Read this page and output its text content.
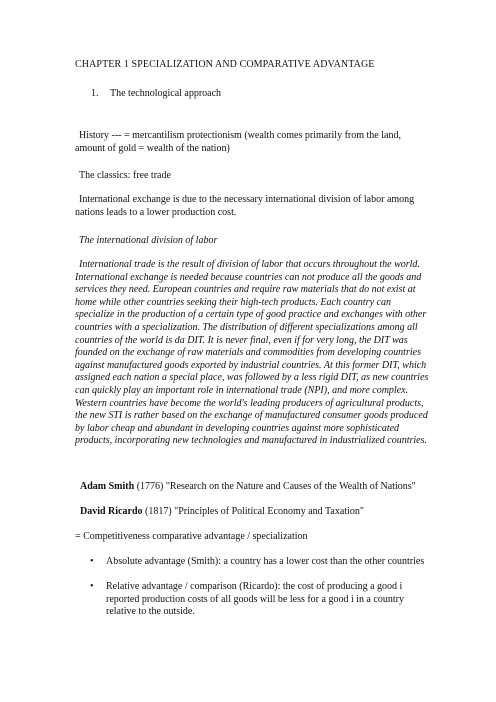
CHAPTER 1 SPECIALIZATION AND COMPARATIVE ADVANTAGE
1. The technological approach
History --- = mercantilism protectionism (wealth comes primarily from the land, amount of gold = wealth of the nation)
The classics: free trade
International exchange is due to the necessary international division of labor among nations leads to a lower production cost.
The international division of labor
International trade is the result of division of labor that occurs throughout the world. International exchange is needed because countries can not produce all the goods and services they need. European countries and require raw materials that do not exist at home while other countries seeking their high-tech products. Each country can specialize in the production of a certain type of good practice and exchanges with other countries with a specialization. The distribution of different specializations among all countries of the world is da DIT. It is never final, even if for very long, the DIT was founded on the exchange of raw materials and commodities from developing countries against manufactured goods exported by industrial countries. At this former DIT, which assigned each nation a special place, was followed by a less rigid DIT, as new countries can quickly play an important role in international trade (NPI), and more complex. Western countries have become the world's leading producers of agricultural products, the new STI is rather based on the exchange of manufactured consumer goods produced by labor cheap and abundant in developing countries against more sophisticated products, incorporating new technologies and manufactured in industrialized countries.
Adam Smith (1776) "Research on the Nature and Causes of the Wealth of Nations"
David Ricardo (1817) "Principles of Political Economy and Taxation"
= Competitiveness comparative advantage / specialization
• Absolute advantage (Smith): a country has a lower cost than the other countries
• Relative advantage / comparison (Ricardo): the cost of producing a good i reported production costs of all goods will be less for a good i in a country relative to the outside.
